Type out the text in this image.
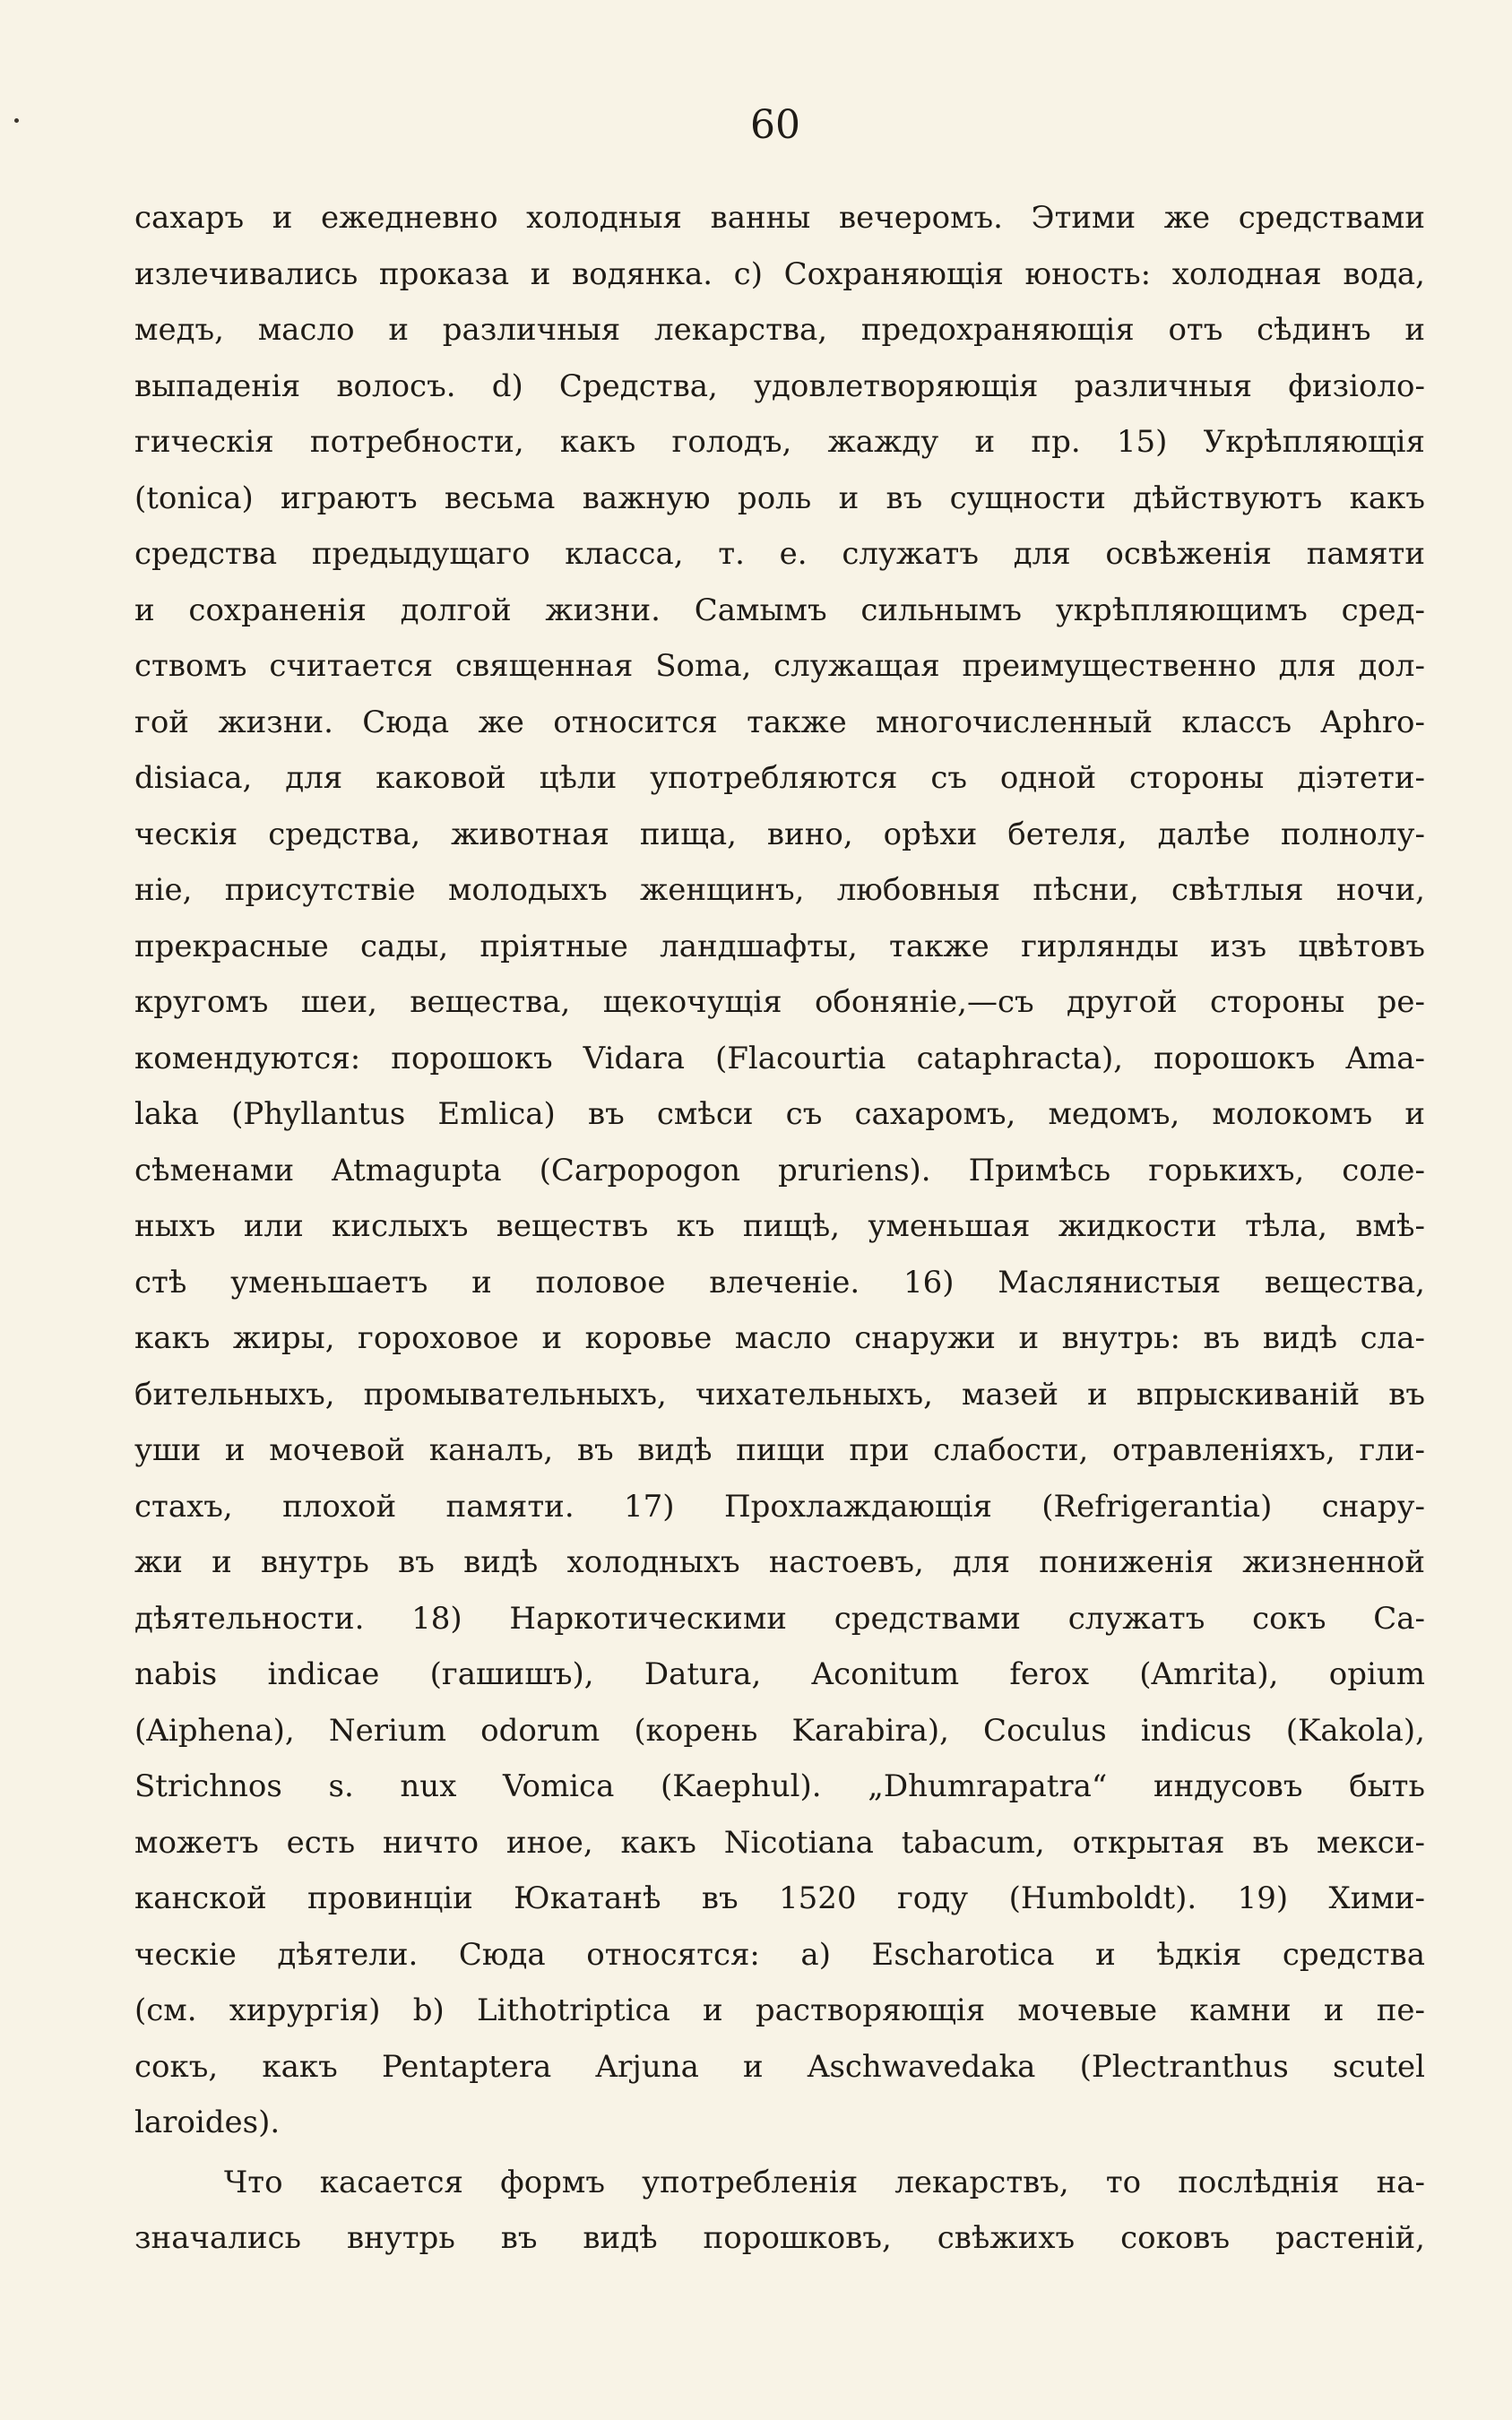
60
сахаръ и ежедневно холодныя ванны вечеромъ. Этими же средствами
излечивались проказа и водянка. с) Сохраняющія юность: холодная вода,
медъ, масло и различныя лекарства, предохраняющія отъ сѣдинъ и
выпаденія волосъ. d) Средства, удовлетворяющія различныя физіоло-
гическія потребности, какъ голодъ, жажду и пр. 15) Укрѣпляющія
(tonica) играютъ весьма важную роль и въ сущности дѣйствуютъ какъ
средства предыдущаго класса, т. е. служатъ для освѣженія памяти
и сохраненія долгой жизни. Самымъ сильнымъ укрѣпляющимъ сред-
ствомъ считается священная Soma, служащая преимущественно для дол-
гой жизни. Сюда же относится также многочисленный классъ Aphro-
disiaca, для каковой цѣли употребляются съ одной стороны діэтети-
ческія средства, животная пища, вино, орѣхи бетеля, далѣе полнолу-
ніе, присутствіе молодыхъ женщинъ, любовныя пѣсни, свѣтлыя ночи,
прекрасные сады, пріятные ландшафты, также гирлянды изъ цвѣтовъ
кругомъ шеи, вещества, щекочущія обоняніе,—съ другой стороны ре-
комендуются: порошокъ Vidara (Flacourtia cataphracta), порошокъ Ama-
laka (Phyllantus Emlica) въ смѣси съ сахаромъ, медомъ, молокомъ и
сѣменами Atmagupta (Carpopogon pruriens). Примѣсь горькихъ, соле-
ныхъ или кислыхъ веществъ къ пищѣ, уменьшая жидкости тѣла, вмѣ-
стѣ уменьшаетъ и половое влеченіе. 16) Маслянистыя вещества,
какъ жиры, гороховое и коровье масло снаружи и внутрь: въ видѣ сла-
бительныхъ, промывательныхъ, чихательныхъ, мазей и впрыскиваній въ
уши и мочевой каналъ, въ видѣ пищи при слабости, отравленіяхъ, гли-
стахъ, плохой памяти. 17) Прохлаждающія (Refrigerantia) снару-
жи и внутрь въ видѣ холодныхъ настоевъ, для пониженія жизненной
дѣятельности. 18) Наркотическими средствами служатъ сокъ Ca-
nabis indicae (гашишъ), Datura, Aconitum ferox (Amrita), opium
(Aiphena), Nerium odorum (корень Karabira), Coculus indicus (Kakola),
Strichnos s. nux Vomica (Kaephul). „Dhumrapatra“ индусовъ быть
можетъ есть ничто иное, какъ Nicotiana tabacum, открытая въ мекси-
канской провинціи Юкатанѣ въ 1520 году (Humboldt). 19) Хими-
ческіе дѣятели. Сюда относятся: а) Escharotica и ѣдкія средства
(см. хирургія) b) Lithotriptica и растворяющія мочевые камни и пе-
сокъ, какъ Pentaptera Arjuna и Aschwavedaka (Plectranthus scutel
laroides).
Что касается формъ употребленія лекарствъ, то послѣднія на-
значались внутрь въ видѣ порошковъ, свѣжихъ соковъ растеній,
